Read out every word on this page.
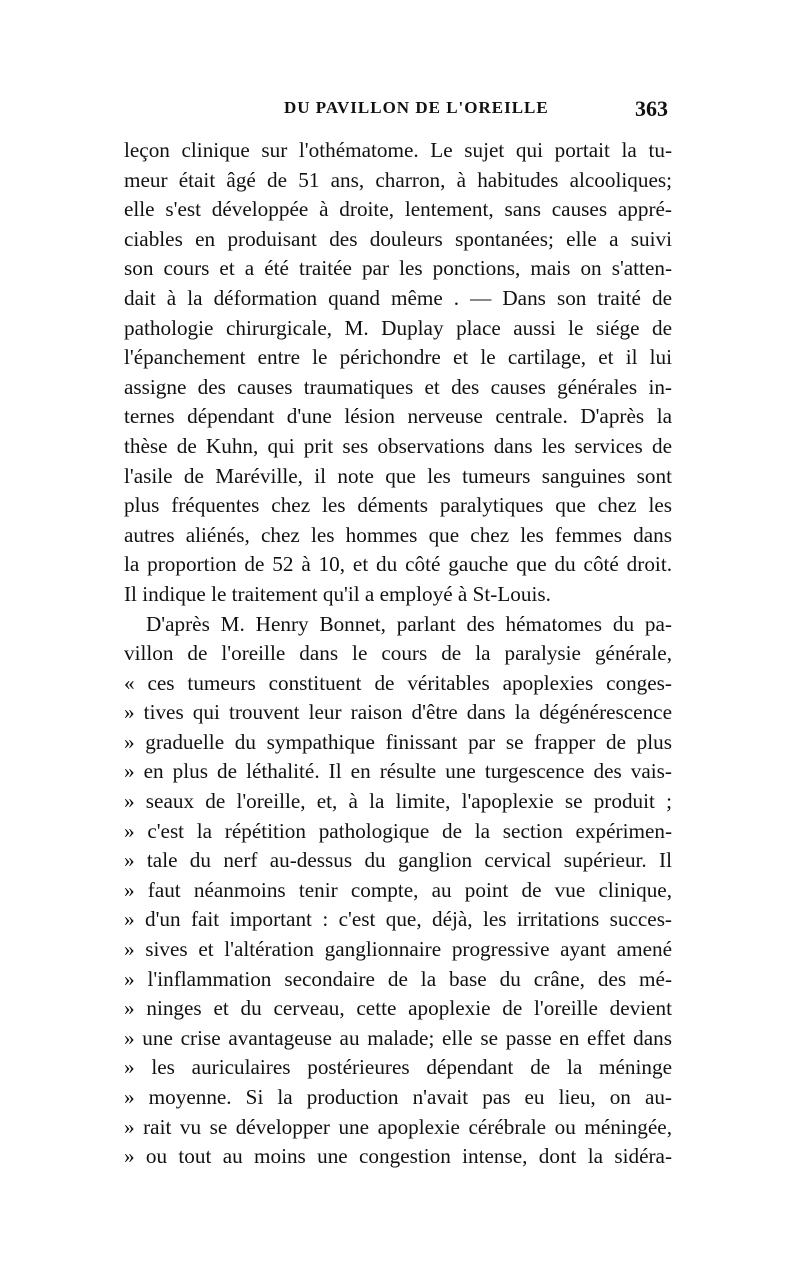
DU PAVILLON DE L'OREILLE	363
leçon clinique sur l'othématome. Le sujet qui portait la tu-
meur était âgé de 51 ans, charron, à habitudes alcooliques;
elle s'est développée à droite, lentement, sans causes appré-
ciables en produisant des douleurs spontanées; elle a suivi
son cours et a été traitée par les ponctions, mais on s'atten-
dait à la déformation quand même . — Dans son traité de
pathologie chirurgicale, M. Duplay place aussi le siége de
l'épanchement entre le périchondre et le cartilage, et il lui
assigne des causes traumatiques et des causes générales in-
ternes dépendant d'une lésion nerveuse centrale. D'après la
thèse de Kuhn, qui prit ses observations dans les services de
l'asile de Maréville, il note que les tumeurs sanguines sont
plus fréquentes chez les déments paralytiques que chez les
autres aliénés, chez les hommes que chez les femmes dans
la proportion de 52 à 10, et du côté gauche que du côté droit.
Il indique le traitement qu'il a employé à St-Louis.
D'après M. Henry Bonnet, parlant des hématomes du pa-
villon de l'oreille dans le cours de la paralysie générale,
« ces tumeurs constituent de véritables apoplexies conges-
» tives qui trouvent leur raison d'être dans la dégénérescence
» graduelle du sympathique finissant par se frapper de plus
» en plus de léthalité. Il en résulte une turgescence des vais-
» seaux de l'oreille, et, à la limite, l'apoplexie se produit ;
» c'est la répétition pathologique de la section expérimen-
» tale du nerf au-dessus du ganglion cervical supérieur. Il
» faut néanmoins tenir compte, au point de vue clinique,
» d'un fait important : c'est que, déjà, les irritations succes-
» sives et l'altération ganglionnaire progressive ayant amené
» l'inflammation secondaire de la base du crâne, des mé-
» ninges et du cerveau, cette apoplexie de l'oreille devient
» une crise avantageuse au malade; elle se passe en effet dans
» les auriculaires postérieures dépendant de la méninge
» moyenne. Si la production n'avait pas eu lieu, on au-
» rait vu se développer une apoplexie cérébrale ou méningée,
» ou tout au moins une congestion intense, dont la sidéra-
